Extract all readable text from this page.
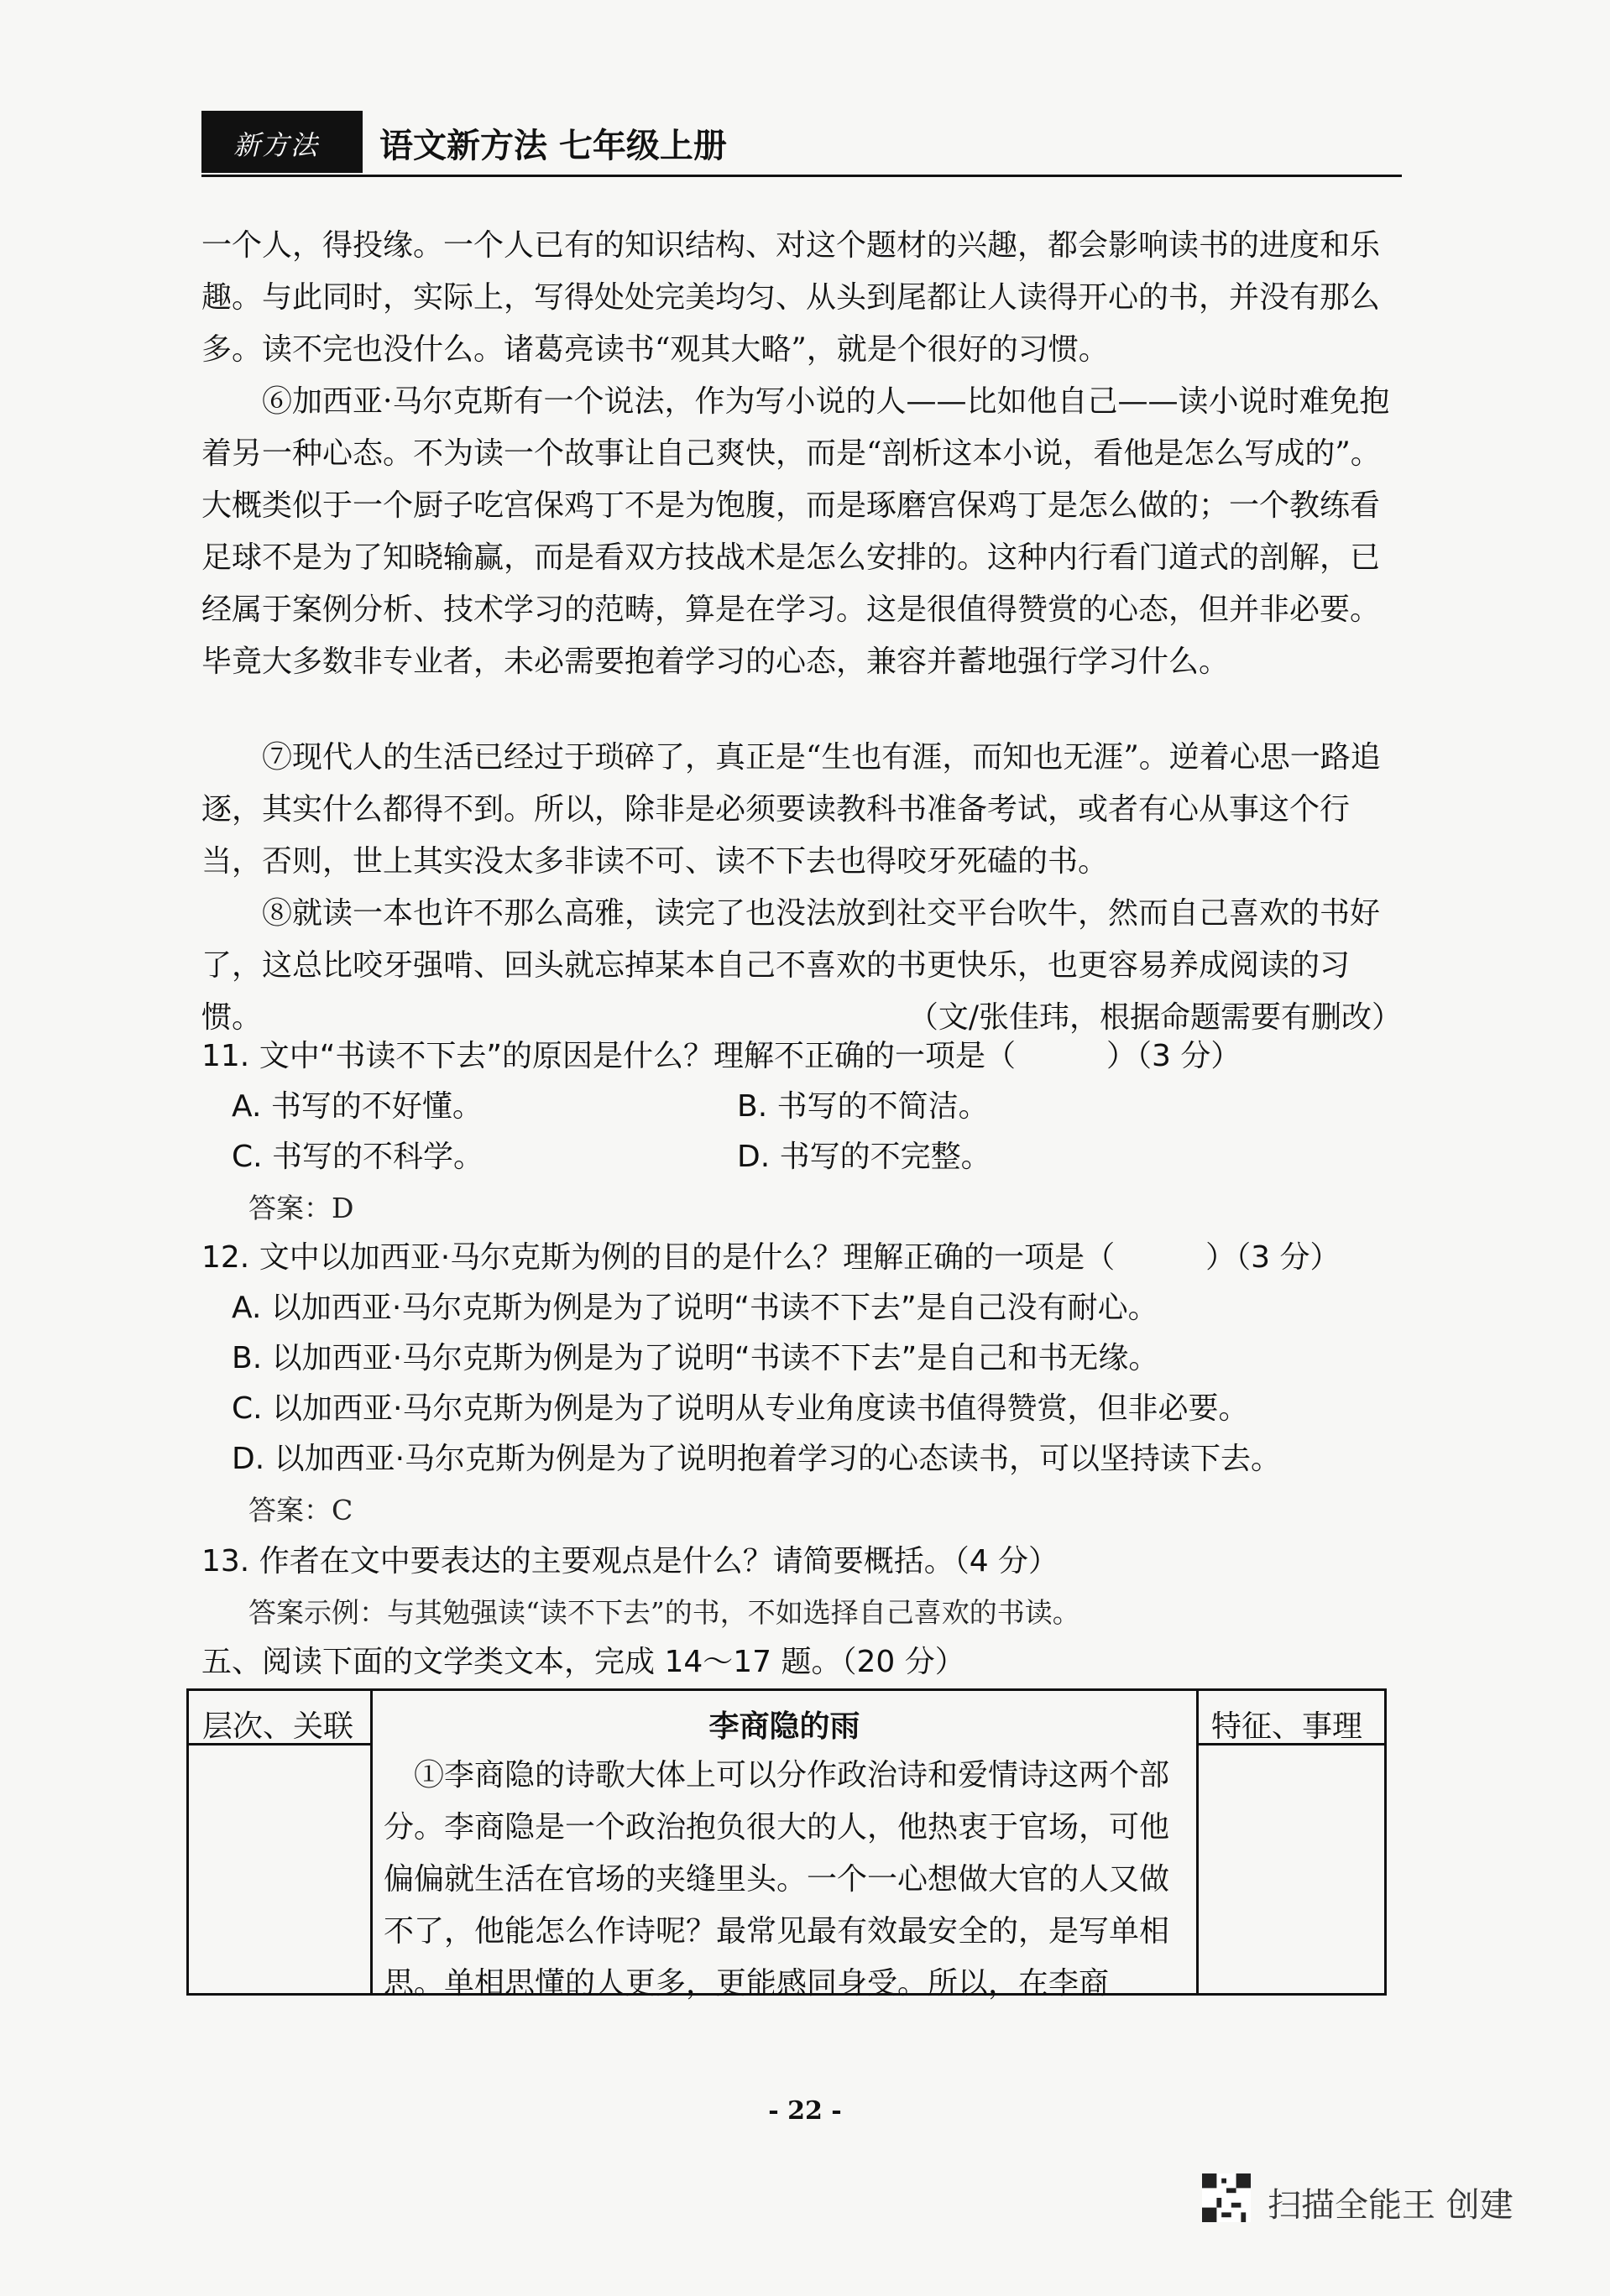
新方法 语文新方法 七年级上册

一个人，得投缘。一个人已有的知识结构、对这个题材的兴趣，都会影响读书的进度和乐趣。与此同时，实际上，写得处处完美均匀、从头到尾都让人读得开心的书，并没有那么多。读不完也没什么。诸葛亮读书“观其大略”，就是个很好的习惯。

⑥加西亚·马尔克斯有一个说法，作为写小说的人——比如他自己——读小说时难免抱着另一种心态。不为读一个故事让自己爽快，而是“剖析这本小说，看他是怎么写成的”。大概类似于一个厨子吃宫保鸡丁不是为饱腹，而是琢磨宫保鸡丁是怎么做的；一个教练看足球不是为了知晓输赢，而是看双方技战术是怎么安排的。这种内行看门道式的剖解，已经属于案例分析、技术学习的范畴，算是在学习。这是很值得赞赏的心态，但并非必要。毕竟大多数非专业者，未必需要抱着学习的心态，兼容并蓄地强行学习什么。

⑦现代人的生活已经过于琐碎了，真正是“生也有涯，而知也无涯”。逆着心思一路追逐，其实什么都得不到。所以，除非是必须要读教科书准备考试，或者有心从事这个行当，否则，世上其实没太多非读不可、读不下去也得咬牙死磕的书。

⑧就读一本也许不那么高雅，读完了也没法放到社交平台吹牛，然而自己喜欢的书好了，这总比咬牙强啃、回头就忘掉某本自己不喜欢的书更快乐，也更容易养成阅读的习惯。	（文/张佳玮，根据命题需要有删改）

11. 文中“书读不下去”的原因是什么？理解不正确的一项是（　　　）（3 分）
A. 书写的不好懂。	B. 书写的不简洁。
C. 书写的不科学。	D. 书写的不完整。
答案：D
12. 文中以加西亚·马尔克斯为例的目的是什么？理解正确的一项是（　　　）（3 分）
A. 以加西亚·马尔克斯为例是为了说明“书读不下去”是自己没有耐心。
B. 以加西亚·马尔克斯为例是为了说明“书读不下去”是自己和书无缘。
C. 以加西亚·马尔克斯为例是为了说明从专业角度读书值得赞赏，但非必要。
D. 以加西亚·马尔克斯为例是为了说明抱着学习的心态读书，可以坚持读下去。
答案：C
13. 作者在文中要表达的主要观点是什么？请简要概括。（4 分）
答案示例：与其勉强读“读不下去”的书，不如选择自己喜欢的书读。
五、阅读下面的文学类文本，完成 14～17 题。（20 分）
层次、关联	李商隐的雨	特征、事理

①李商隐的诗歌大体上可以分作政治诗和爱情诗这两个部分。李商隐是一个政治抱负很大的人，他热衷于官场，可他偏偏就生活在官场的夹缝里头。一个一心想做大官的人又做不了，他能怎么作诗呢？最常见最有效最安全的，是写单相思。单相思懂的人更多，更能感同身受。所以，在李商

- 22 -
扫描全能王 创建
